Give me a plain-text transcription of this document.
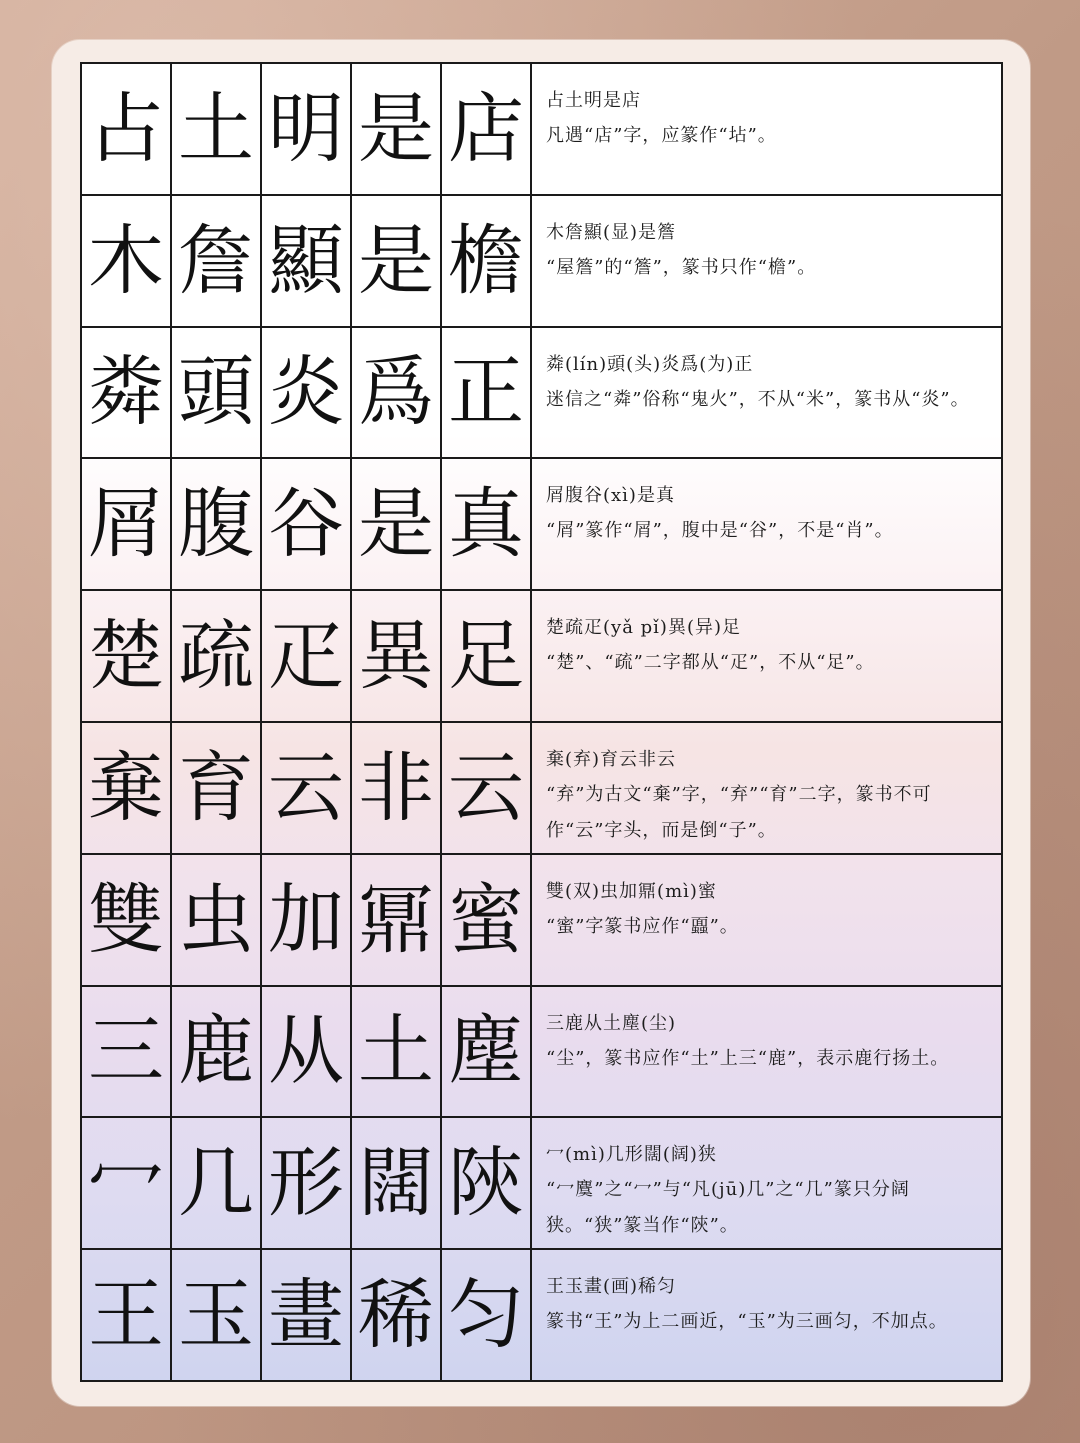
占 土 明 是 店	占土明是店
凡遇“店”字，应篆作“坫”。
木 詹 顯 是 檐	木詹顯(显)是簷
“屋簷”的“簷”，篆书只作“檐”。
粦 頭 炎 爲 正	粦(lín)頭(头)炎爲(为)正
迷信之“粦”俗称“鬼火”，不从“米”，篆书从“炎”。
屑 腹 谷 是 真	屑腹谷(xì)是真
“屑”篆作“屑”，腹中是“谷”，不是“肖”。
楚 疏 疋 異 足	楚疏疋(yǎ pǐ)異(异)足
“楚”、“疏”二字都从“疋”，不从“足”。
棄 育 云 非 云	棄(弃)育云非云
“弃”为古文“棄”字，“弃”“育”二字，篆书不可作“云”字头，而是倒“子”。
雙 虫 加 鼏 蜜	雙(双)虫加鼏(mì)蜜
“蜜”字篆书应作“蠠”。
三 鹿 从 土 塵	三鹿从土塵(尘)
“尘”，篆书应作“土”上三“鹿”，表示鹿行扬土。
冖 几 形 闊 陝	冖(mì)几形闊(阔)狭
“冖麌”之“冖”与“凡(jū)几”之“几”篆只分阔狭。“狭”篆当作“陝”。
王 玉 畫 稀 匀	王玉畫(画)稀匀
篆书“王”为上二画近，“玉”为三画匀，不加点。
